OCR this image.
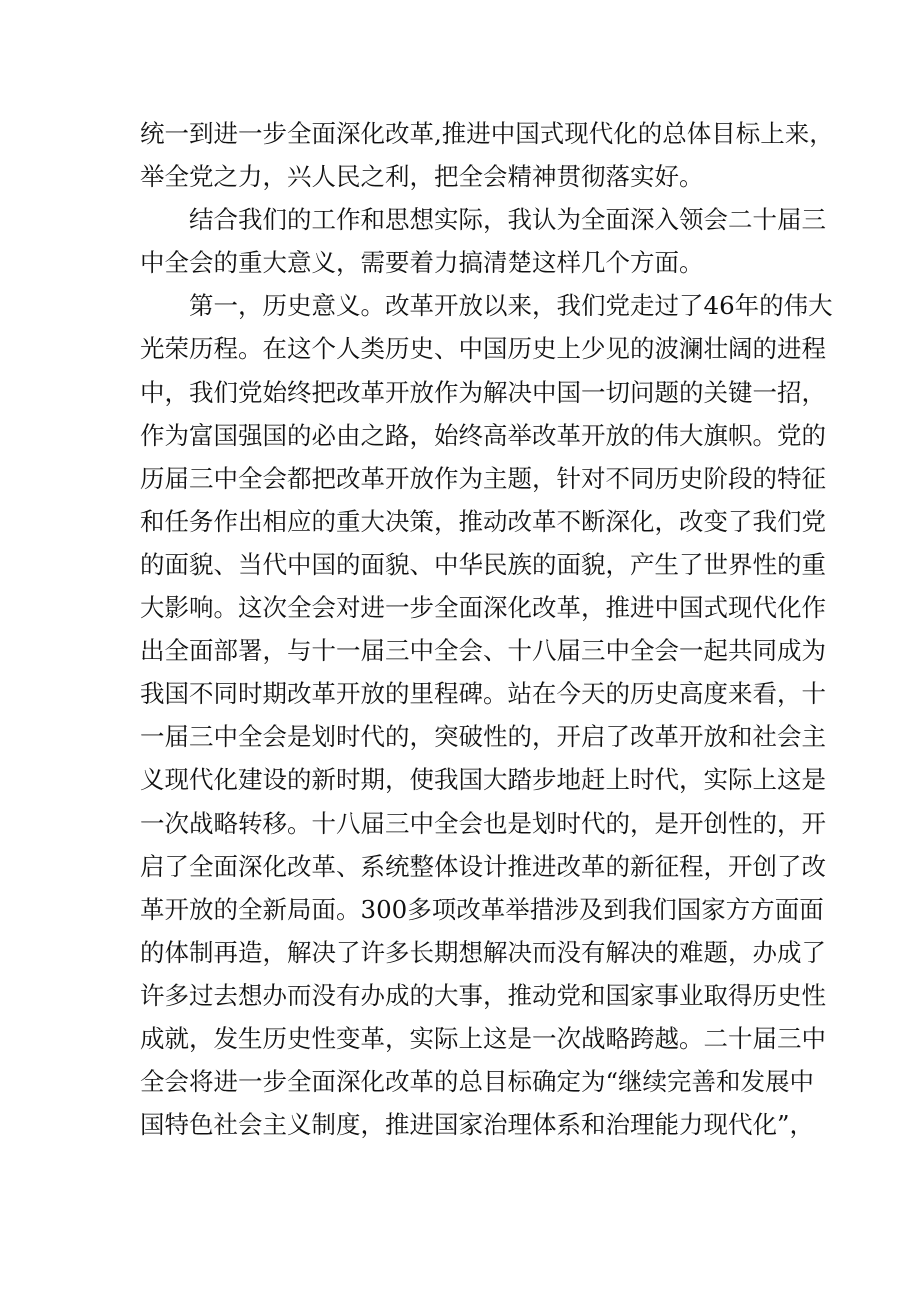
统一到进一步全面深化改革,推进中国式现代化的总体目标上来，
举全党之力，兴人民之利，把全会精神贯彻落实好。
结合我们的工作和思想实际，我认为全面深入领会二十届三
中全会的重大意义，需要着力搞清楚这样几个方面。
第一，历史意义。改革开放以来，我们党走过了46年的伟大
光荣历程。在这个人类历史、中国历史上少见的波澜壮阔的进程
中，我们党始终把改革开放作为解决中国一切问题的关键一招，
作为富国强国的必由之路，始终高举改革开放的伟大旗帜。党的
历届三中全会都把改革开放作为主题，针对不同历史阶段的特征
和任务作出相应的重大决策，推动改革不断深化，改变了我们党
的面貌、当代中国的面貌、中华民族的面貌，产生了世界性的重
大影响。这次全会对进一步全面深化改革，推进中国式现代化作
出全面部署，与十一届三中全会、十八届三中全会一起共同成为
我国不同时期改革开放的里程碑。站在今天的历史高度来看，十
一届三中全会是划时代的，突破性的，开启了改革开放和社会主
义现代化建设的新时期，使我国大踏步地赶上时代，实际上这是
一次战略转移。十八届三中全会也是划时代的，是开创性的，开
启了全面深化改革、系统整体设计推进改革的新征程，开创了改
革开放的全新局面。300多项改革举措涉及到我们国家方方面面
的体制再造，解决了许多长期想解决而没有解决的难题，办成了
许多过去想办而没有办成的大事，推动党和国家事业取得历史性
成就，发生历史性变革，实际上这是一次战略跨越。二十届三中
全会将进一步全面深化改革的总目标确定为“继续完善和发展中
国特色社会主义制度，推进国家治理体系和治理能力现代化”，
